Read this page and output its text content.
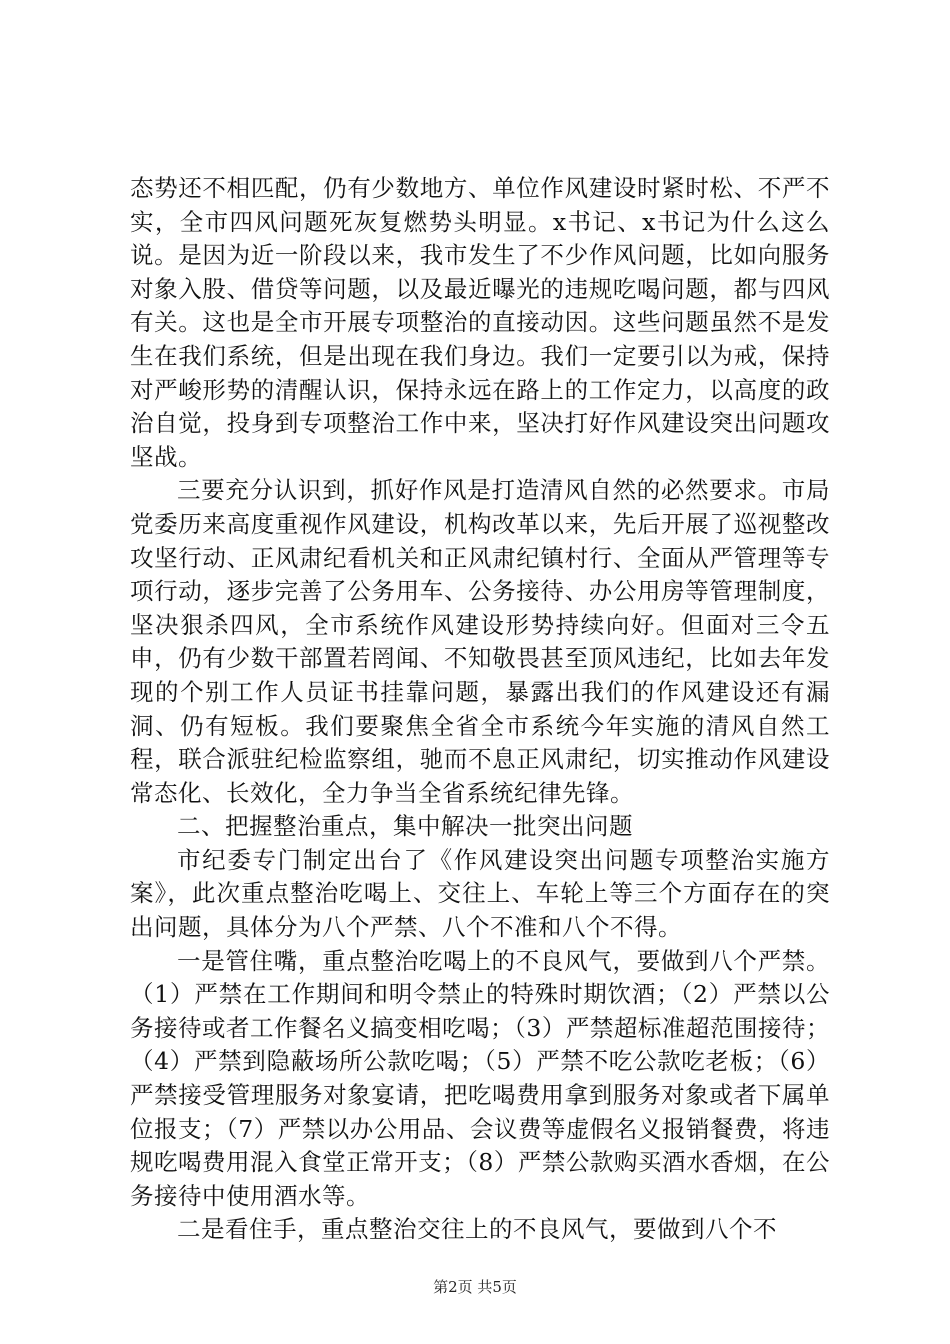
态势还不相匹配，仍有少数地方、单位作风建设时紧时松、不严不实，全市四风问题死灰复燃势头明显。x书记、x书记为什么这么说。是因为近一阶段以来，我市发生了不少作风问题，比如向服务对象入股、借贷等问题，以及最近曝光的违规吃喝问题，都与四风有关。这也是全市开展专项整治的直接动因。这些问题虽然不是发生在我们系统，但是出现在我们身边。我们一定要引以为戒，保持对严峻形势的清醒认识，保持永远在路上的工作定力，以高度的政治自觉，投身到专项整治工作中来，坚决打好作风建设突出问题攻坚战。

三要充分认识到，抓好作风是打造清风自然的必然要求。市局党委历来高度重视作风建设，机构改革以来，先后开展了巡视整改攻坚行动、正风肃纪看机关和正风肃纪镇村行、全面从严管理等专项行动，逐步完善了公务用车、公务接待、办公用房等管理制度，坚决狠杀四风，全市系统作风建设形势持续向好。但面对三令五申，仍有少数干部置若罔闻、不知敬畏甚至顶风违纪，比如去年发现的个别工作人员证书挂靠问题，暴露出我们的作风建设还有漏洞、仍有短板。我们要聚焦全省全市系统今年实施的清风自然工程，联合派驻纪检监察组，驰而不息正风肃纪，切实推动作风建设常态化、长效化，全力争当全省系统纪律先锋。

二、把握整治重点，集中解决一批突出问题

市纪委专门制定出台了《作风建设突出问题专项整治实施方案》，此次重点整治吃喝上、交往上、车轮上等三个方面存在的突出问题，具体分为八个严禁、八个不准和八个不得。

一是管住嘴，重点整治吃喝上的不良风气，要做到八个严禁。（1）严禁在工作期间和明令禁止的特殊时期饮酒；（2）严禁以公务接待或者工作餐名义搞变相吃喝；（3）严禁超标准超范围接待；（4）严禁到隐蔽场所公款吃喝；（5）严禁不吃公款吃老板；（6）严禁接受管理服务对象宴请，把吃喝费用拿到服务对象或者下属单位报支；（7）严禁以办公用品、会议费等虚假名义报销餐费，将违规吃喝费用混入食堂正常开支；（8）严禁公款购买酒水香烟，在公务接待中使用酒水等。

二是看住手，重点整治交往上的不良风气，要做到八个不

第2页 共5页
